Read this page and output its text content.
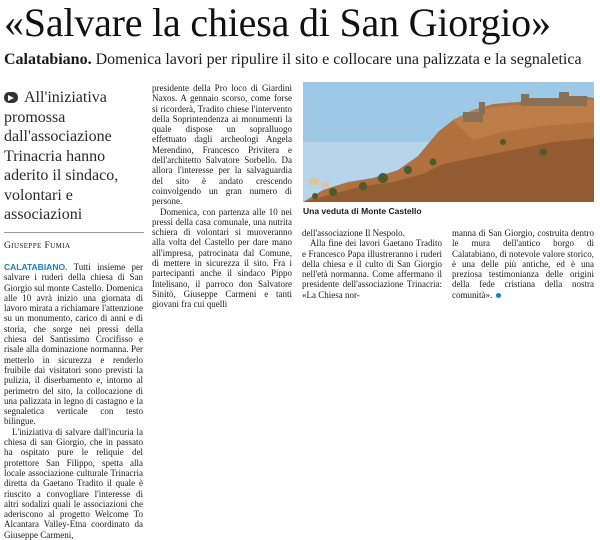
«Salvare la chiesa di San Giorgio»
Calatabiano. Domenica lavori per ripulire il sito e collocare una palizzata e la segnaletica
All'iniziativa promossa dall'associazione Trinacria hanno aderito il sindaco, volontari e associazioni
Giuseppe Fumia

CALATABIANO. Tutti insieme per salvare i ruderi della chiesa di San Giorgio sul monte Castello. Domenica alle 10 avrà inizio una giornata di lavoro mirata a richiamare l'attenzione su un monumento, carico di anni e di storia, che sorge nei pressi della chiesa del Santissimo Crocifisso e risale alla dominazione normanna. Per metterlo in sicurezza e renderlo fruibile dai visitatori sono previsti la pulizia, il diserbamento e, intorno al perimetro del sito, la collocazione di una palizzata in legno di castagno e la segnaletica verticale con testo bilingue.

L'iniziativa di salvare dall'incuria la chiesa di san Giorgio, che in passato ha ospitato pure le reliquie del protettore San Filippo, spetta alla locale associazione culturale Trinacria diretta da Gaetano Tradito il quale è riuscito a convogliare l'interesse di altri sodalizi quali le associazioni che aderiscono al progetto Welcome To Alcantara Valley-Etna coordinato da Giuseppe Carmeni,

presidente della Pro loco di Giardini Naxos. A gennaio scorso, come forse si ricorderà, Tradito chiese l'intervento della Soprintendenza ai monumenti la quale dispose un sopralluogo effettuato dagli archeologi Angela Merendino, Francesco Privitera e dell'architetto Salvatore Sorbello. Da allora l'interesse per la salvaguardia del sito è andato crescendo coinvolgendo un gran numero di persone.

Domenica, con partenza alle 10 nei pressi della casa comunale, una nutrita schiera di volontari si muoveranno alla volta del Castello per dare mano all'impresa, patrocinata dal Comune, di mettere in sicurezza il sito. Fra i partecipanti anche il sindaco Pippo Intelisano, il parroco don Salvatore Sinitò, Giuseppe Carmeni e tanti giovani fra cui quelli

Una veduta di Monte Castello

dell'associazione Il Nespolo.

Alla fine dei lavori Gaetano Tradito e Francesco Papa illustreranno i ruderi della chiesa e il culto di San Giorgio nell'età normanna. Come affermano il presidente dell'associazione Trinacria: «La Chiesa nor-

manna di San Giorgio, costruita dentro le mura dell'antico borgo di Calatabiano, di notevole valore storico, è una delle più antiche, ed è una preziosa testimonianza delle origini della fede cristiana della nostra comunità».
